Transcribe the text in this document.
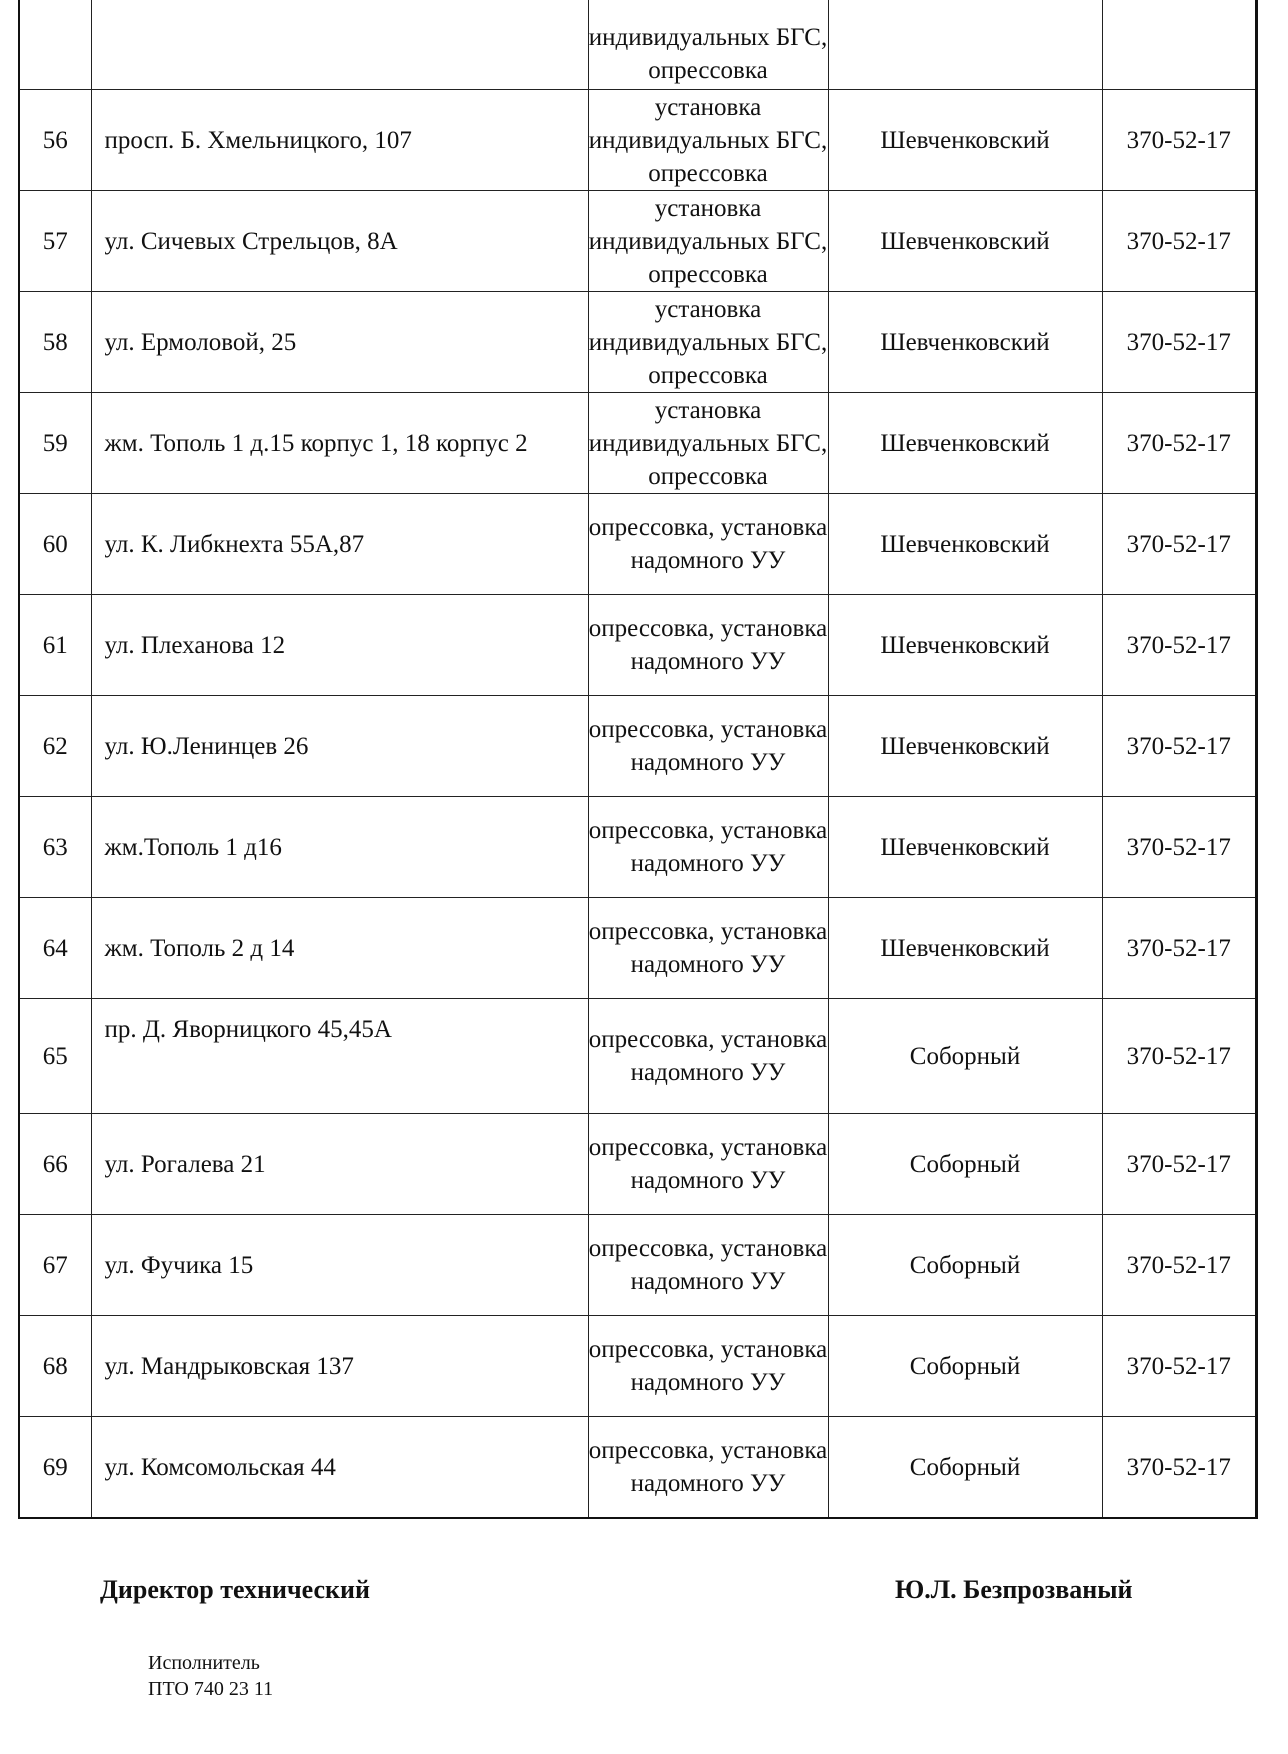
		индивидуальных БГС, опрессовка		
56	просп. Б. Хмельницкого, 107	установка индивидуальных БГС, опрессовка	Шевченковский	370-52-17
57	ул. Сичевых Стрельцов, 8А	установка индивидуальных БГС, опрессовка	Шевченковский	370-52-17
58	ул. Ермоловой, 25	установка индивидуальных БГС, опрессовка	Шевченковский	370-52-17
59	жм. Тополь 1 д.15 корпус 1, 18 корпус 2	установка индивидуальных БГС, опрессовка	Шевченковский	370-52-17
60	ул. К. Либкнехта 55А,87	опрессовка, установка надомного УУ	Шевченковский	370-52-17
61	ул. Плеханова 12	опрессовка, установка надомного УУ	Шевченковский	370-52-17
62	ул. Ю.Ленинцев 26	опрессовка, установка надомного УУ	Шевченковский	370-52-17
63	жм.Тополь 1 д16	опрессовка, установка надомного УУ	Шевченковский	370-52-17
64	жм. Тополь 2 д 14	опрессовка, установка надомного УУ	Шевченковский	370-52-17
65	пр. Д. Яворницкого 45,45А	опрессовка, установка надомного УУ	Соборный	370-52-17
66	ул. Рогалева 21	опрессовка, установка надомного УУ	Соборный	370-52-17
67	ул. Фучика 15	опрессовка, установка надомного УУ	Соборный	370-52-17
68	ул. Мандрыковская 137	опрессовка, установка надомного УУ	Соборный	370-52-17
69	ул. Комсомольская 44	опрессовка, установка надомного УУ	Соборный	370-52-17
Директор технический	Ю.Л. Безпрозваный
Исполнитель
ПТО 740 23 11
